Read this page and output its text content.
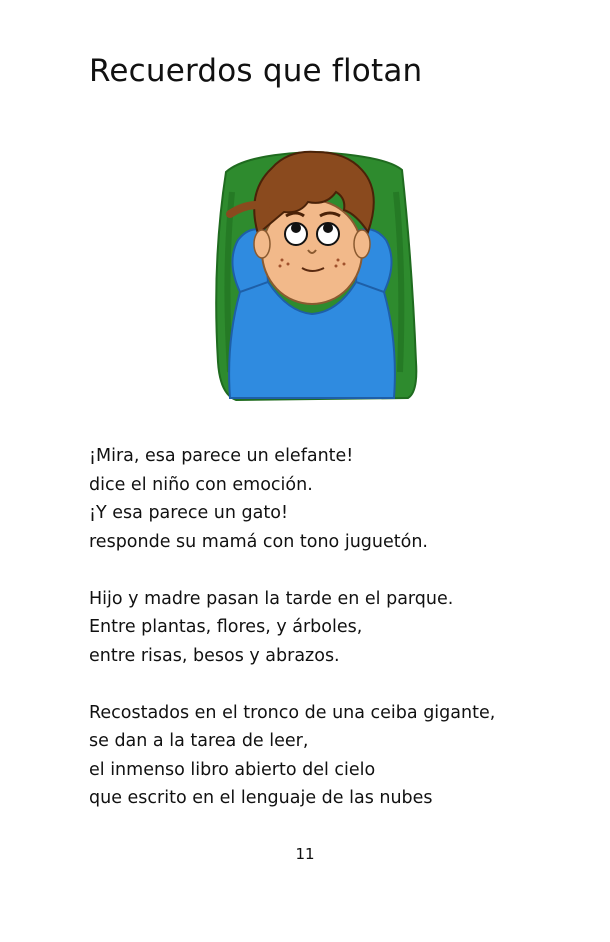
Recuerdos que flotan

¡Mira, esa parece un elefante!
dice el niño con emoción.
¡Y esa parece un gato!
responde su mamá con tono juguetón.

Hijo y madre pasan la tarde en el parque.
Entre plantas, flores, y árboles,
entre risas, besos y abrazos.

Recostados en el tronco de una ceiba gigante,
se dan a la tarea de leer,
el inmenso libro abierto del cielo
que escrito en el lenguaje de las nubes

11
